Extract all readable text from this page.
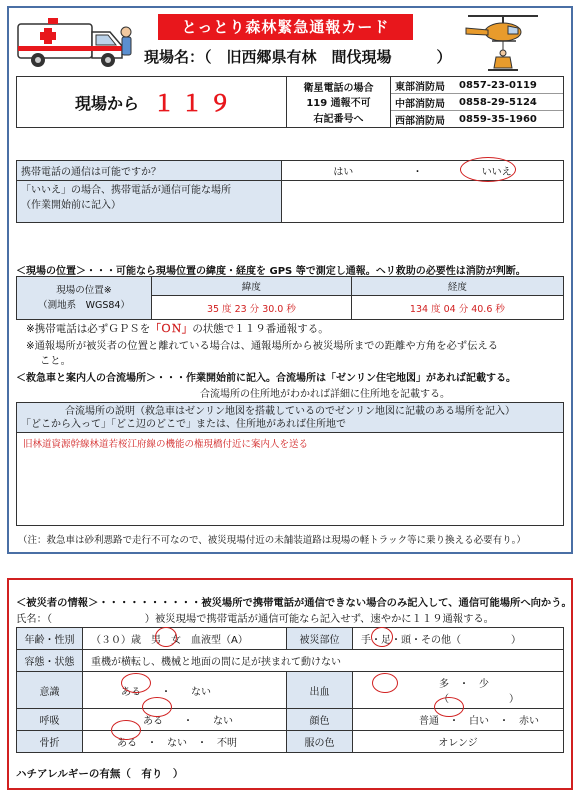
とっとり森林緊急通報カード
現場名：（　旧西郷県有林　間伐現場　　　）
現場から １１９
衛星電話の場合
119 通報不可
右記番号へ
東部消防局	0857-23-0119
中部消防局	0858-29-5124
西部消防局	0859-35-1960
携帯電話の通信は可能ですか？	はい ・ いいえ

「いいえ」の場合、携帯電話が通信可能な場所
（作業開始前に記入）	

＜現場の位置＞・・・可能なら現場位置の緯度・経度を GPS 等で測定し通報。ヘリ救助の必要性は消防が判断。
現場の位置※
（測地系　WGS84）	緯度	経度
	35 度 23 分 30.0 秒	134 度 04 分 40.6 秒
※携帯電話は必ずＧＰＳを「ＯＮ」の状態で１１９番通報する。
※通報場所が被災者の位置と離れている場合は、通報場所から被災場所までの距離や方角を必ず伝える
こと。
＜救急車と案内人の合流場所＞・・・作業開始前に記入。合流場所は「ゼンリン住宅地図」があれば記載する。
合流場所の住所地がわかれば詳細に住所地を記載する。
合流場所の説明（救急車はゼンリン地図を搭載しているのでゼンリン地図に記載のある場所を記入）
「どこから入って」「どこ辺のどこで」または、住所地があれば住所地で
旧林道資源幹線林道若桜江府線の機能の権現橋付近に案内人を送る
（注：救急車は砂利悪路で走行不可なので、被災現場付近の未舗装道路は現場の軽トラック等に乗り換える必要有り。）
＜被災者の情報＞・・・・・・・・・・被災場所で携帯電話が通信できない場合のみ記入して、通信可能場所へ向かう。
氏名：（　　　　　　　　　）被災現場で携帯電話が通信可能なら記入せず、速やかに１１９通報する。
年齢・性別	（３０）歳　男　女　血液型（A）	被災部位	手・足・頭・その他（　　　　　）
容態・状態	重機が横転し、機械と地面の間に足が挟まれて動けない		
意識	ある　　・　　ない	出血	多　・　少（　　　　　　）
呼吸	ある　　・　　ない	顔色	普通　・　白い　・　赤い
骨折	ある　・　ない　・　不明	服の色	オレンジ
ハチアレルギーの有無（　有り　）
